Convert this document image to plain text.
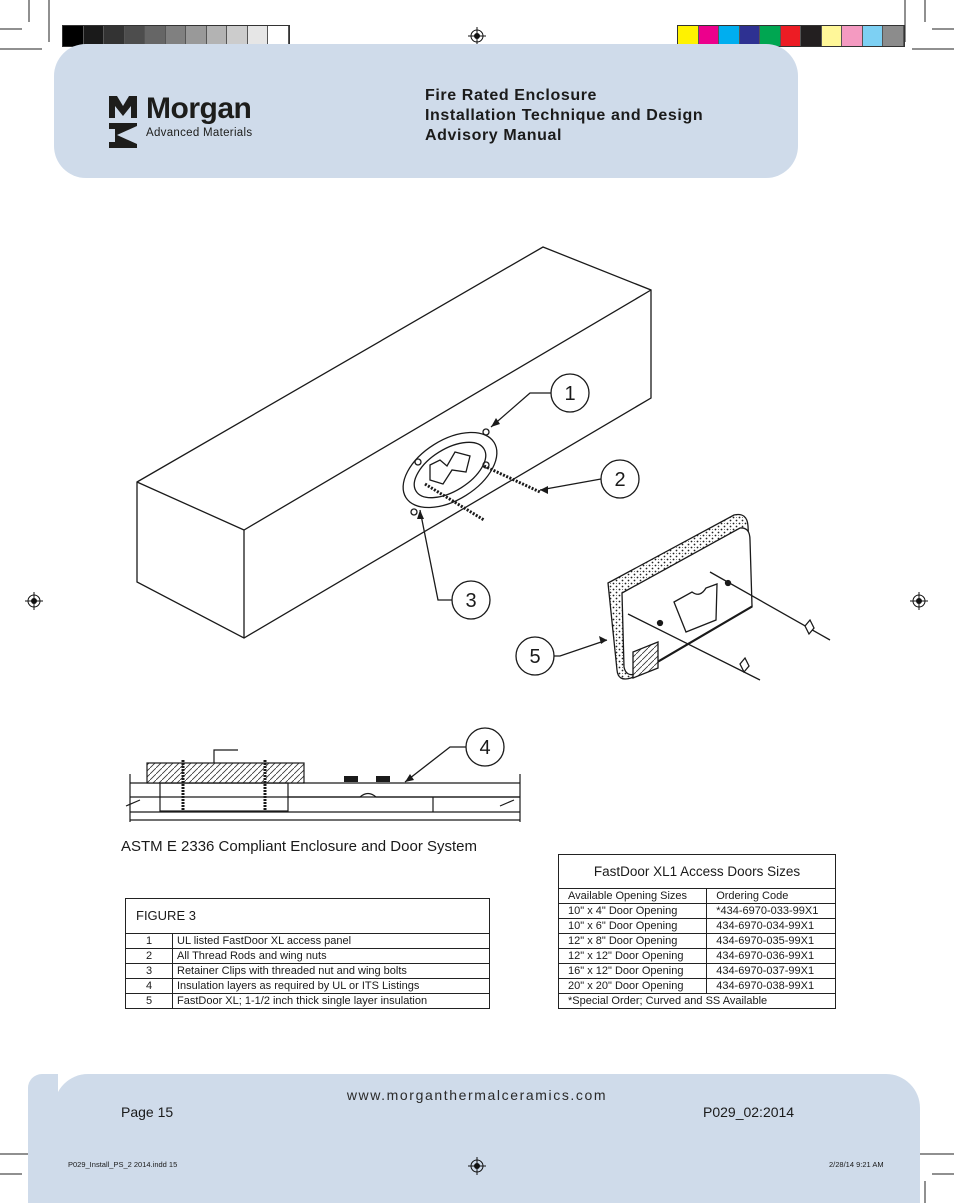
Morgan
Advanced Materials
Fire Rated Enclosure
Installation Technique and Design
Advisory Manual
1
2
3
5
4
ASTM E 2336 Compliant Enclosure and Door System
FIGURE 3	
1	UL listed FastDoor XL access panel
2	All Thread Rods and wing nuts
3	Retainer Clips with threaded nut and wing bolts
4	Insulation layers as required by UL or ITS Listings
5	FastDoor XL; 1-1/2 inch thick single layer insulation
FastDoor XL1 Access Doors Sizes	
Available Opening Sizes	Ordering Code
10" x 4" Door Opening	*434-6970-033-99X1
10" x 6" Door Opening	434-6970-034-99X1
12" x 8" Door Opening	434-6970-035-99X1
12" x 12" Door Opening	434-6970-036-99X1
16" x 12" Door Opening	434-6970-037-99X1
20" x 20" Door Opening	434-6970-038-99X1
*Special Order; Curved and SS Available	
www.morganthermalceramics.com
Page 15	P029_02:2014
P029_Install_PS_2 2014.indd 15	2/28/14 9:21 AM
